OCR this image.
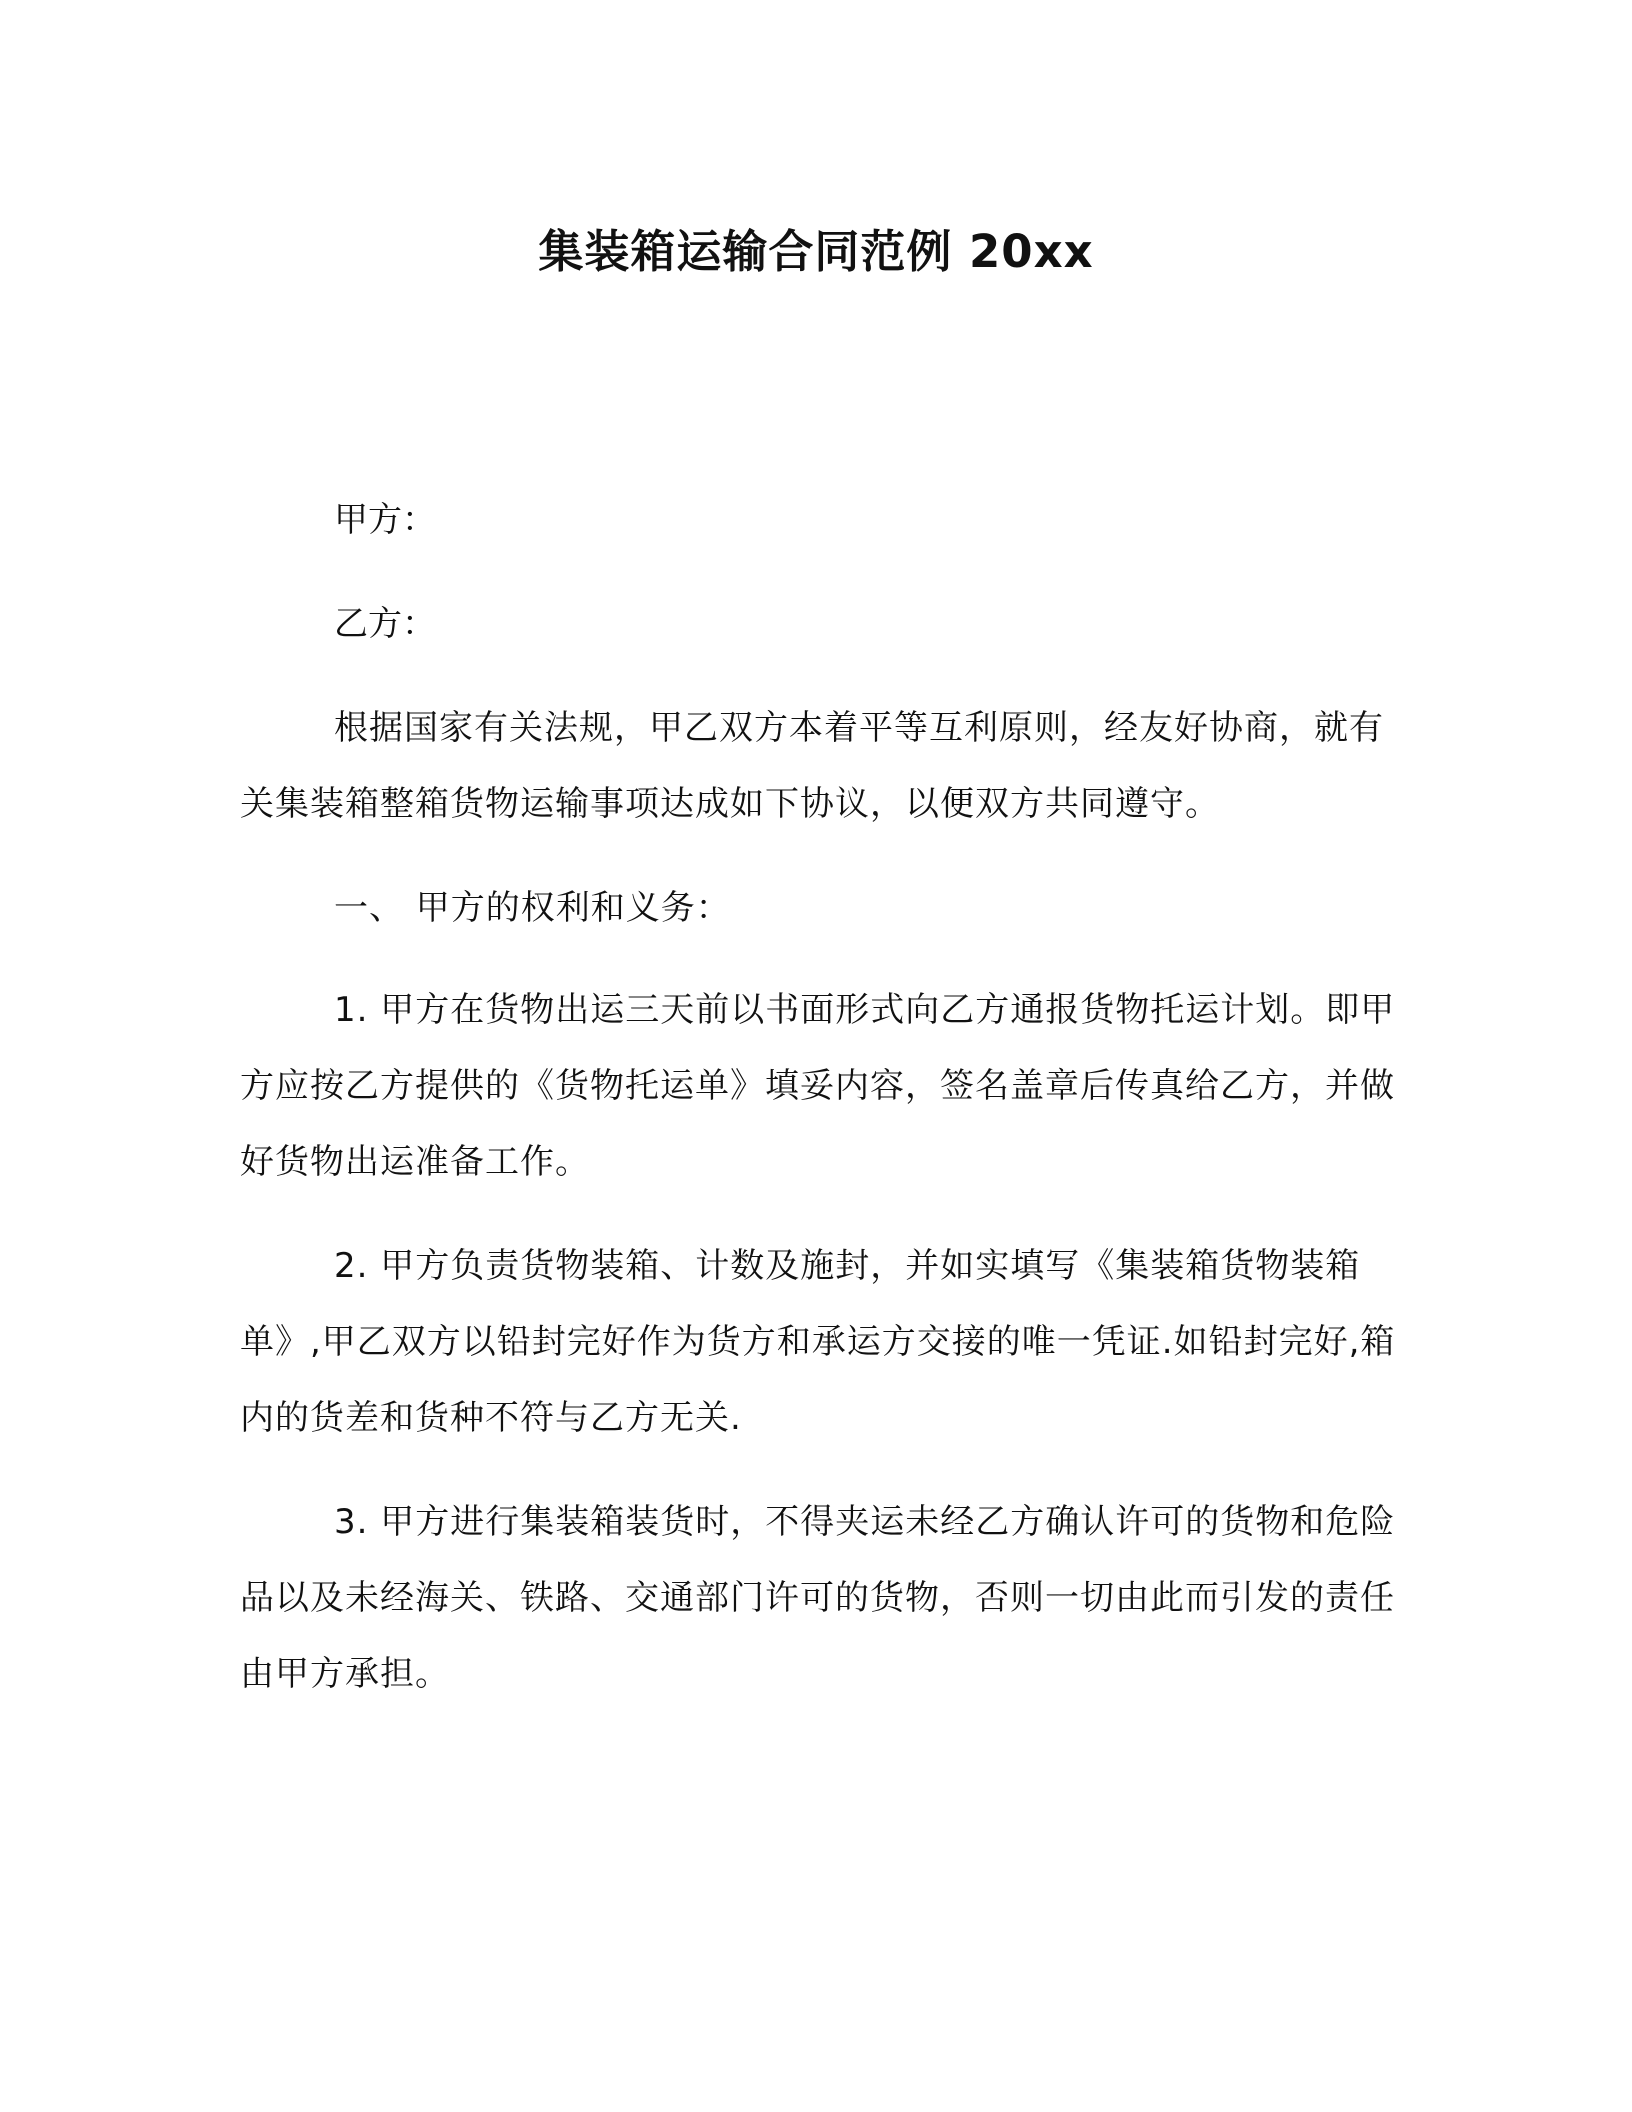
集装箱运输合同范例 20xx

甲方：

乙方：

根据国家有关法规，甲乙双方本着平等互利原则，经友好协商，就有关集装箱整箱货物运输事项达成如下协议，以便双方共同遵守。

一、 甲方的权利和义务：

1. 甲方在货物出运三天前以书面形式向乙方通报货物托运计划。即甲方应按乙方提供的《货物托运单》填妥内容，签名盖章后传真给乙方，并做好货物出运准备工作。

2. 甲方负责货物装箱、计数及施封，并如实填写《集装箱货物装箱单》,甲乙双方以铅封完好作为货方和承运方交接的唯一凭证.如铅封完好,箱内的货差和货种不符与乙方无关.

3. 甲方进行集装箱装货时，不得夹运未经乙方确认许可的货物和危险品以及未经海关、铁路、交通部门许可的货物，否则一切由此而引发的责任由甲方承担。
